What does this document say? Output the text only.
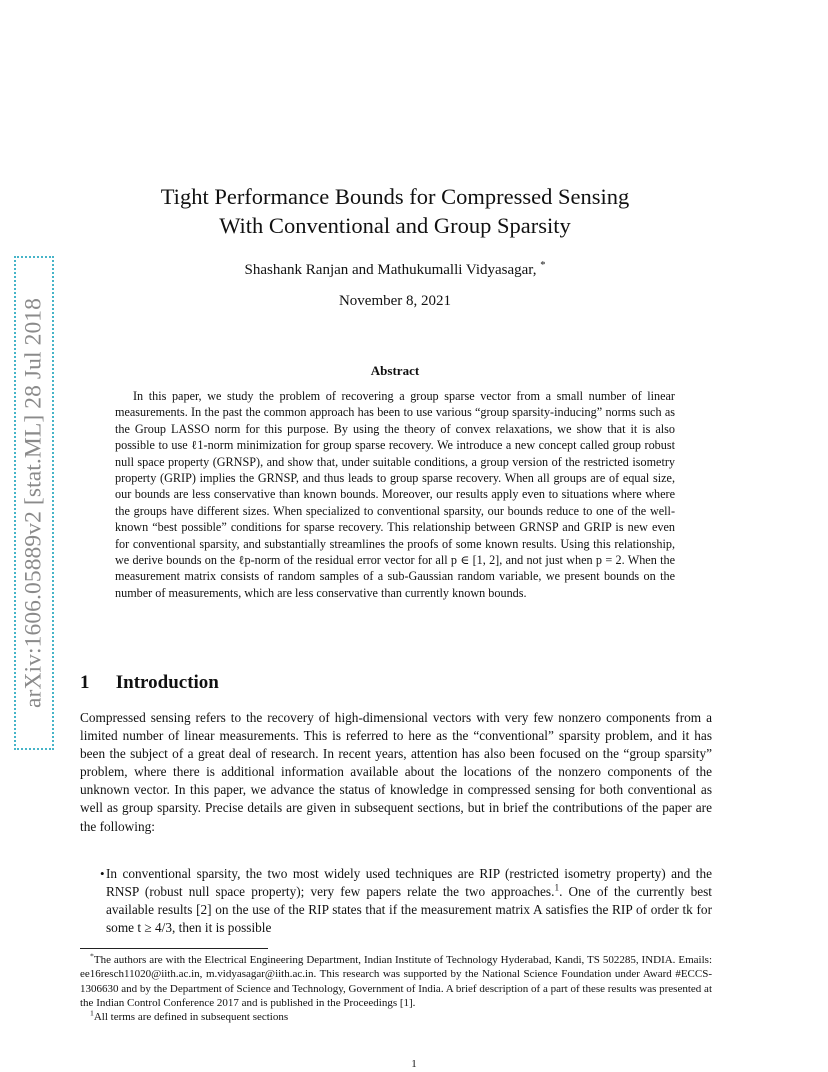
arXiv:1606.05889v2 [stat.ML] 28 Jul 2018
Tight Performance Bounds for Compressed Sensing
With Conventional and Group Sparsity
Shashank Ranjan and Mathukumalli Vidyasagar, *
November 8, 2021
Abstract

In this paper, we study the problem of recovering a group sparse vector from a small number of linear measurements. In the past the common approach has been to use various “group sparsity-inducing” norms such as the Group LASSO norm for this purpose. By using the theory of convex relaxations, we show that it is also possible to use ℓ1-norm minimization for group sparse recovery. We introduce a new concept called group robust null space property (GRNSP), and show that, under suitable conditions, a group version of the restricted isometry property (GRIP) implies the GRNSP, and thus leads to group sparse recovery. When all groups are of equal size, our bounds are less conservative than known bounds. Moreover, our results apply even to situations where where the groups have different sizes. When specialized to conventional sparsity, our bounds reduce to one of the well-known “best possible” conditions for sparse recovery. This relationship between GRNSP and GRIP is new even for conventional sparsity, and substantially streamlines the proofs of some known results. Using this relationship, we derive bounds on the ℓp-norm of the residual error vector for all p ∈ [1, 2], and not just when p = 2. When the measurement matrix consists of random samples of a sub-Gaussian random variable, we present bounds on the number of measurements, which are less conservative than currently known bounds.

1 Introduction

Compressed sensing refers to the recovery of high-dimensional vectors with very few nonzero components from a limited number of linear measurements. This is referred to here as the “conventional” sparsity problem, and it has been the subject of a great deal of research. In recent years, attention has also been focused on the “group sparsity” problem, where there is additional information available about the locations of the nonzero components of the unknown vector. In this paper, we advance the status of knowledge in compressed sensing for both conventional as well as group sparsity. Precise details are given in subsequent sections, but in brief the contributions of the paper are the following:

• In conventional sparsity, the two most widely used techniques are RIP (restricted isometry property) and the RNSP (robust null space property); very few papers relate the two approaches.$^1$. One of the currently best available results [2] on the use of the RIP states that if the measurement matrix A satisfies the RIP of order tk for some t ≥ 4/3, then it is possible

*The authors are with the Electrical Engineering Department, Indian Institute of Technology Hyderabad, Kandi, TS 502285, INDIA. Emails: ee16resch11020@iith.ac.in, m.vidyasagar@iith.ac.in. This research was supported by the National Science Foundation under Award #ECCS-1306630 and by the Department of Science and Technology, Government of India. A brief description of a part of these results was presented at the Indian Control Conference 2017 and is published in the Proceedings [1].

$^1$All terms are defined in subsequent sections

1
